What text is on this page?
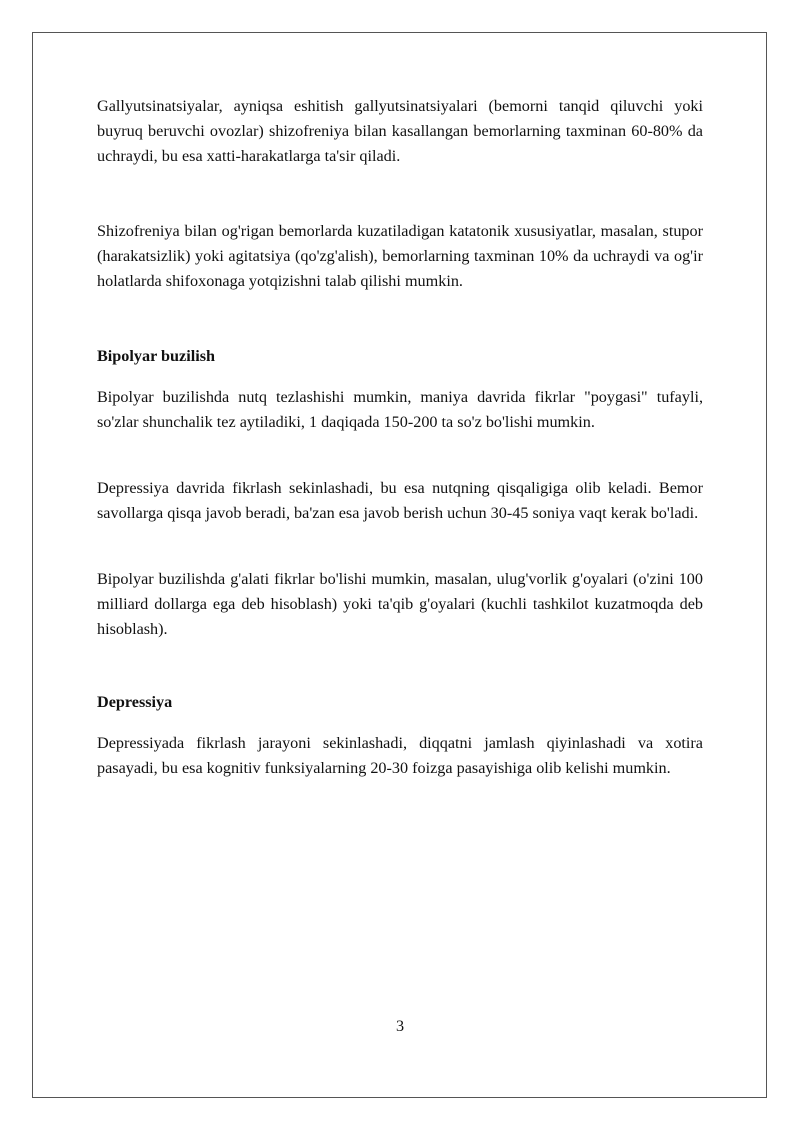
Gallyutsinatsiyalar, ayniqsa eshitish gallyutsinatsiyalari (bemorni tanqid qiluvchi yoki buyruq beruvchi ovozlar) shizofreniya bilan kasallangan bemorlarning taxminan 60-80% da uchraydi, bu esa xatti-harakatlarga ta'sir qiladi.

Shizofreniya bilan og'rigan bemorlarda kuzatiladigan katatonik xususiyatlar, masalan, stupor (harakatsizlik) yoki agitatsiya (qo'zg'alish), bemorlarning taxminan 10% da uchraydi va og'ir holatlarda shifoxonaga yotqizishni talab qilishi mumkin.

Bipolyar buzilish

Bipolyar buzilishda nutq tezlashishi mumkin, maniya davrida fikrlar "poygasi" tufayli, so'zlar shunchalik tez aytiladiki, 1 daqiqada 150-200 ta so'z bo'lishi mumkin.

Depressiya davrida fikrlash sekinlashadi, bu esa nutqning qisqaligiga olib keladi. Bemor savollarga qisqa javob beradi, ba'zan esa javob berish uchun 30-45 soniya vaqt kerak bo'ladi.

Bipolyar buzilishda g'alati fikrlar bo'lishi mumkin, masalan, ulug'vorlik g'oyalari (o'zini 100 milliard dollarga ega deb hisoblash) yoki ta'qib g'oyalari (kuchli tashkilot kuzatmoqda deb hisoblash).

Depressiya

Depressiyada fikrlash jarayoni sekinlashadi, diqqatni jamlash qiyinlashadi va xotira pasayadi, bu esa kognitiv funksiyalarning 20-30 foizga pasayishiga olib kelishi mumkin.

3
